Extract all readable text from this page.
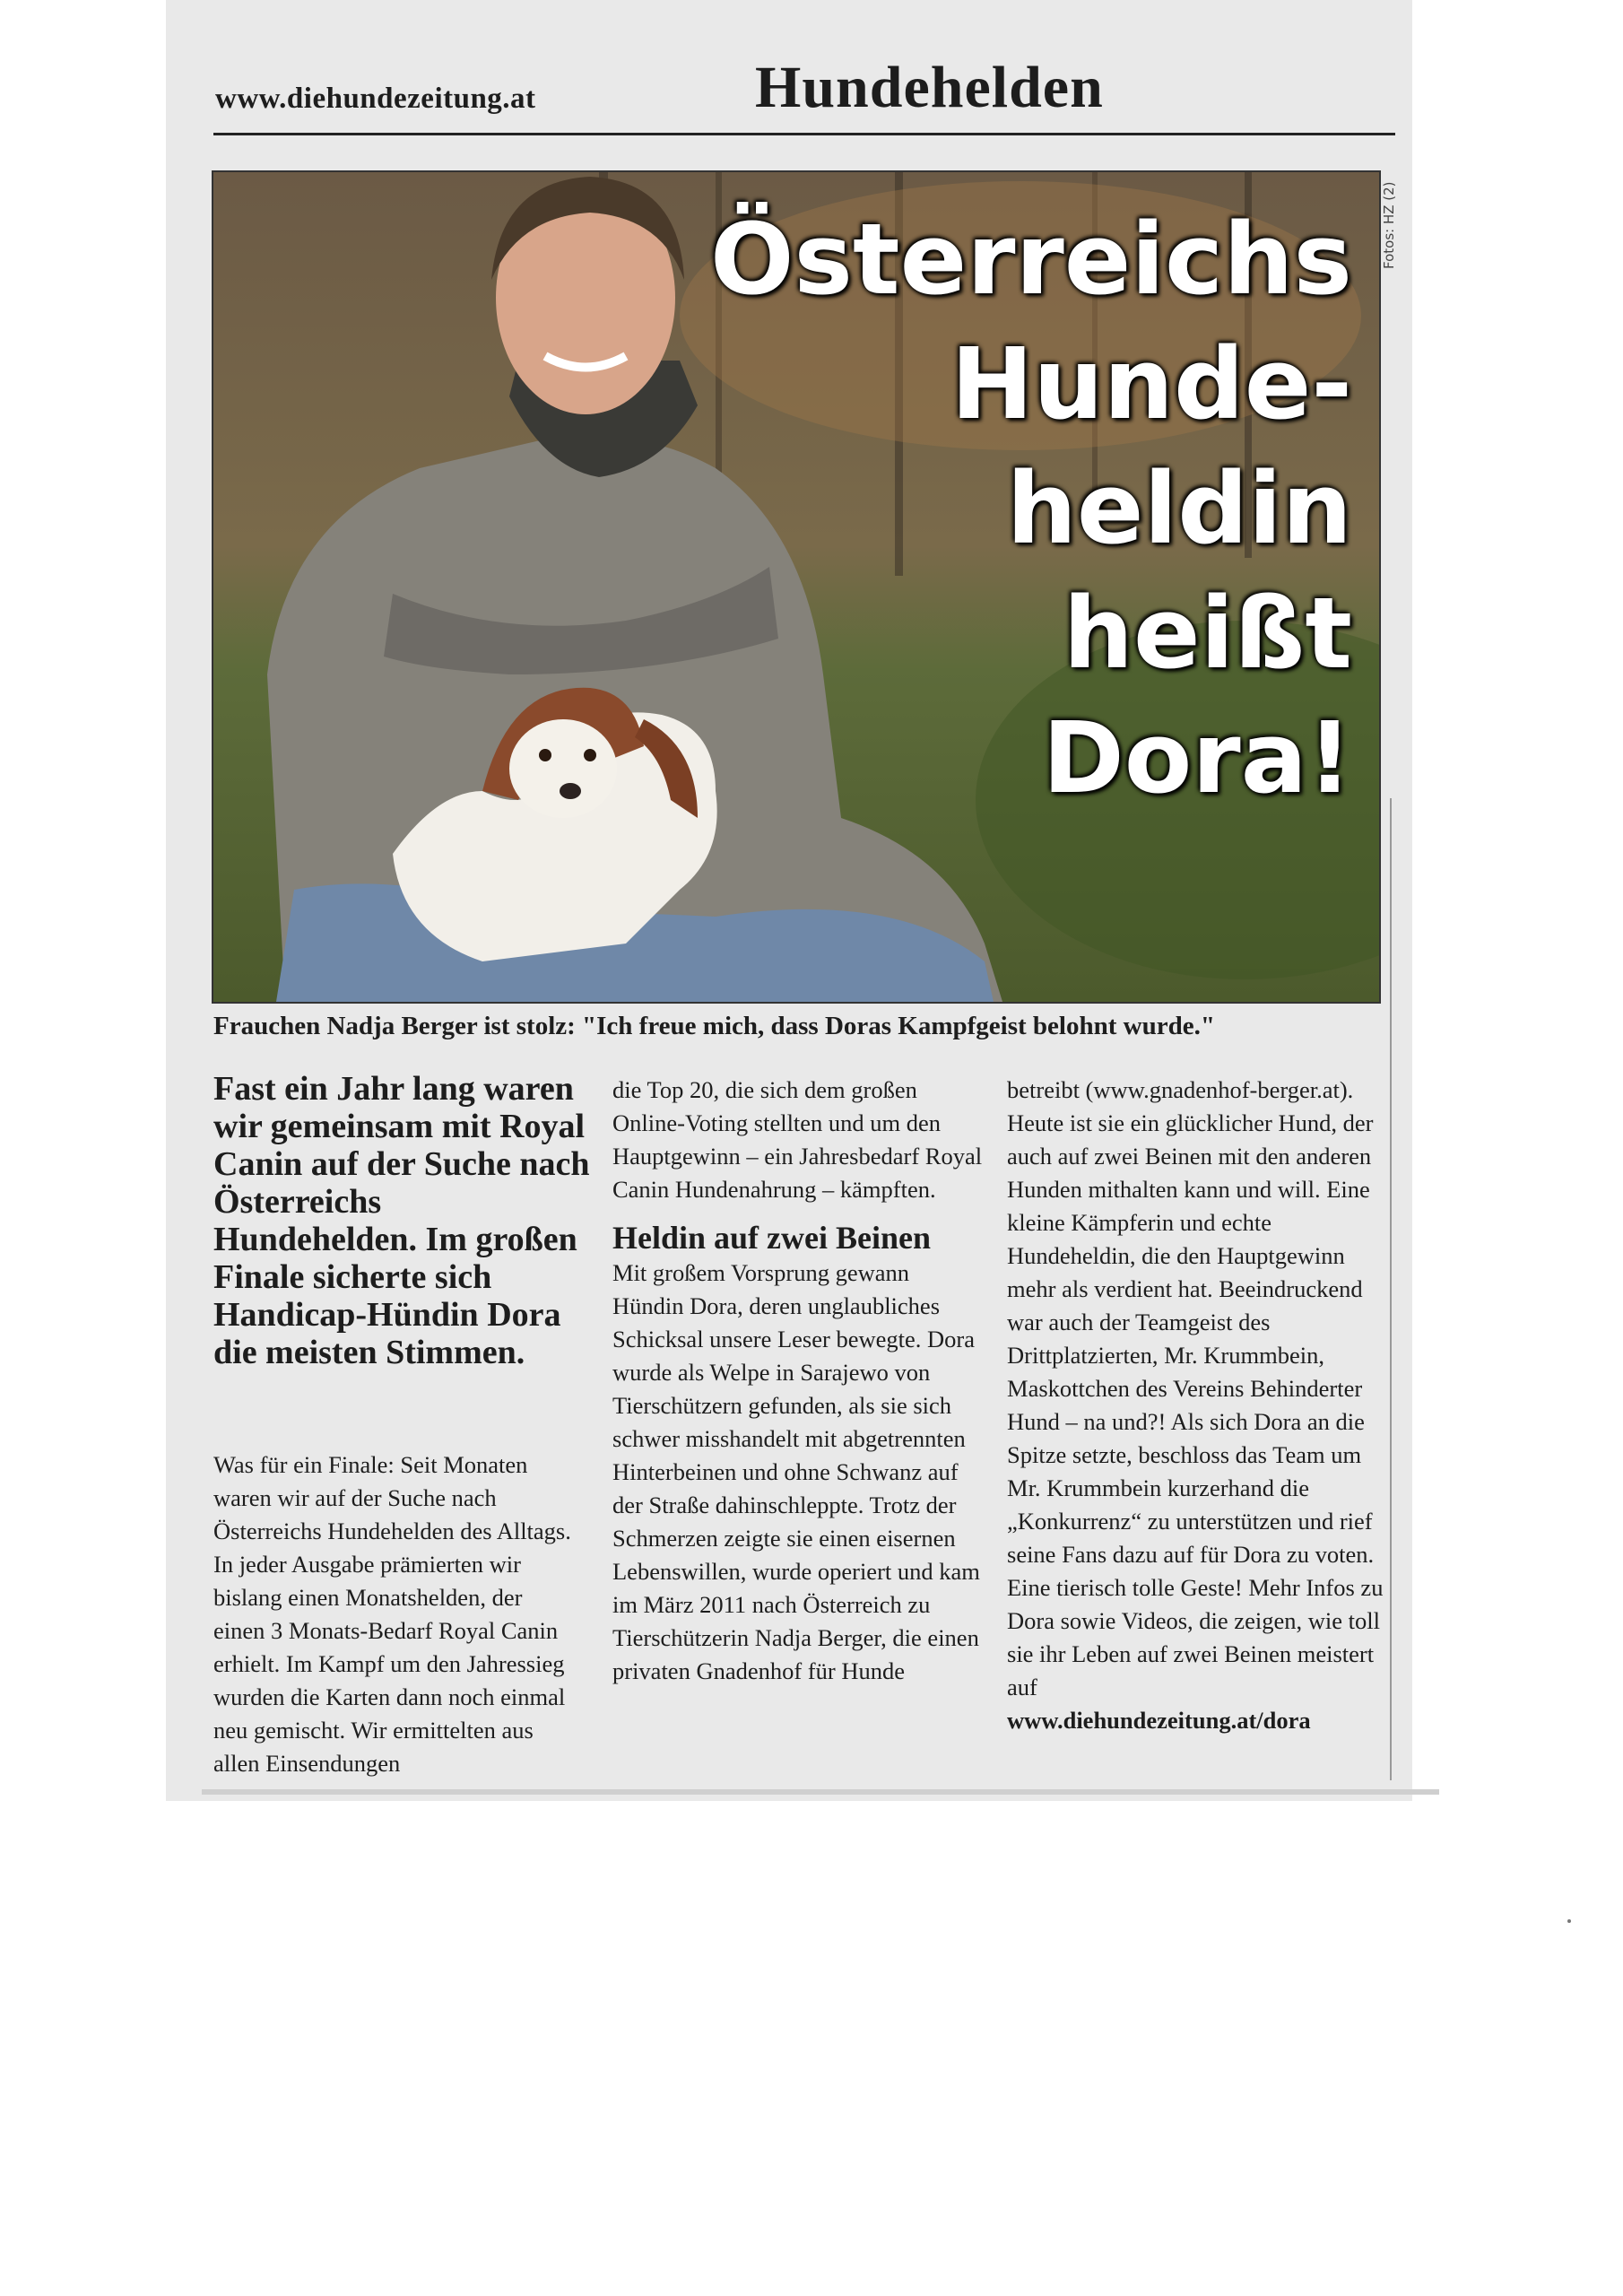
www.diehundezeitung.at	Hundehelden
Österreichs
Hunde-
heldin
heißt
Dora!
Fotos: HZ (2)
Frauchen Nadja Berger ist stolz: "Ich freue mich, dass Doras Kampfgeist belohnt wurde."
Fast ein Jahr lang waren wir gemeinsam mit Royal Canin auf der Suche nach Österreichs Hundehelden. Im großen Finale sicherte sich Handicap-Hündin Dora die meisten Stimmen.

Was für ein Finale: Seit Monaten waren wir auf der Suche nach Österreichs Hundehelden des Alltags. In jeder Ausgabe prämierten wir bislang einen Monatshelden, der einen 3 Monats-Bedarf Royal Canin erhielt. Im Kampf um den Jahressieg wurden die Karten dann noch einmal neu gemischt. Wir ermittelten aus allen Einsendungen

die Top 20, die sich dem großen Online-Voting stellten und um den Hauptgewinn – ein Jahresbedarf Royal Canin Hundenahrung – kämpften.

Heldin auf zwei Beinen

Mit großem Vorsprung gewann Hündin Dora, deren unglaubliches Schicksal unsere Leser bewegte. Dora wurde als Welpe in Sarajewo von Tierschützern gefunden, als sie sich schwer misshandelt mit abgetrennten Hinterbeinen und ohne Schwanz auf der Straße dahinschleppte. Trotz der Schmerzen zeigte sie einen eisernen Lebenswillen, wurde operiert und kam im März 2011 nach Österreich zu Tierschützerin Nadja Berger, die einen privaten Gnadenhof für Hunde

betreibt (www.gnadenhof-berger.at). Heute ist sie ein glücklicher Hund, der auch auf zwei Beinen mit den anderen Hunden mithalten kann und will. Eine kleine Kämpferin und echte Hundeheldin, die den Hauptgewinn mehr als verdient hat. Beeindruckend war auch der Teamgeist des Drittplatzierten, Mr. Krummbein, Maskottchen des Vereins Behinderter Hund – na und?! Als sich Dora an die Spitze setzte, beschloss das Team um Mr. Krummbein kurzerhand die „Konkurrenz“ zu unterstützen und rief seine Fans dazu auf für Dora zu voten. Eine tierisch tolle Geste! Mehr Infos zu Dora sowie Videos, die zeigen, wie toll sie ihr Leben auf zwei Beinen meistert auf

www.diehundezeitung.at/dora
